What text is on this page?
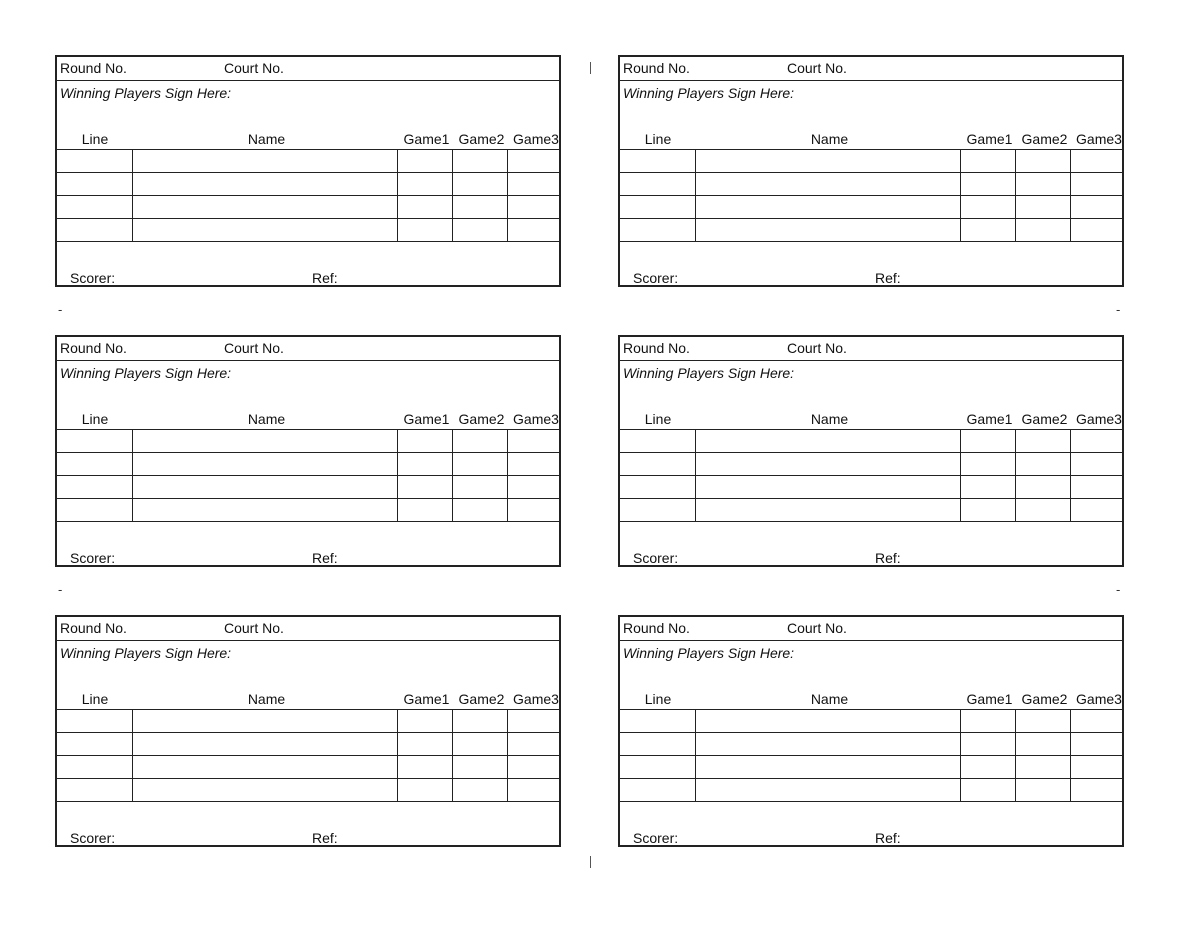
-	-
-	-
Round No.	Court No.
Winning Players Sign Here:
Line	Name	Game1 Game2 Game3
Scorer:	Ref:
Round No.	Court No.
Winning Players Sign Here:
Line	Name	Game1 Game2 Game3
Scorer:	Ref:
Round No.	Court No.
Winning Players Sign Here:
Line	Name	Game1 Game2 Game3
Scorer:	Ref:
Round No.	Court No.
Winning Players Sign Here:
Line	Name	Game1 Game2 Game3
Scorer:	Ref:
Round No.	Court No.
Winning Players Sign Here:
Line	Name	Game1 Game2 Game3
Scorer:	Ref:
Round No.	Court No.
Winning Players Sign Here:
Line	Name	Game1 Game2 Game3
Scorer:	Ref:
